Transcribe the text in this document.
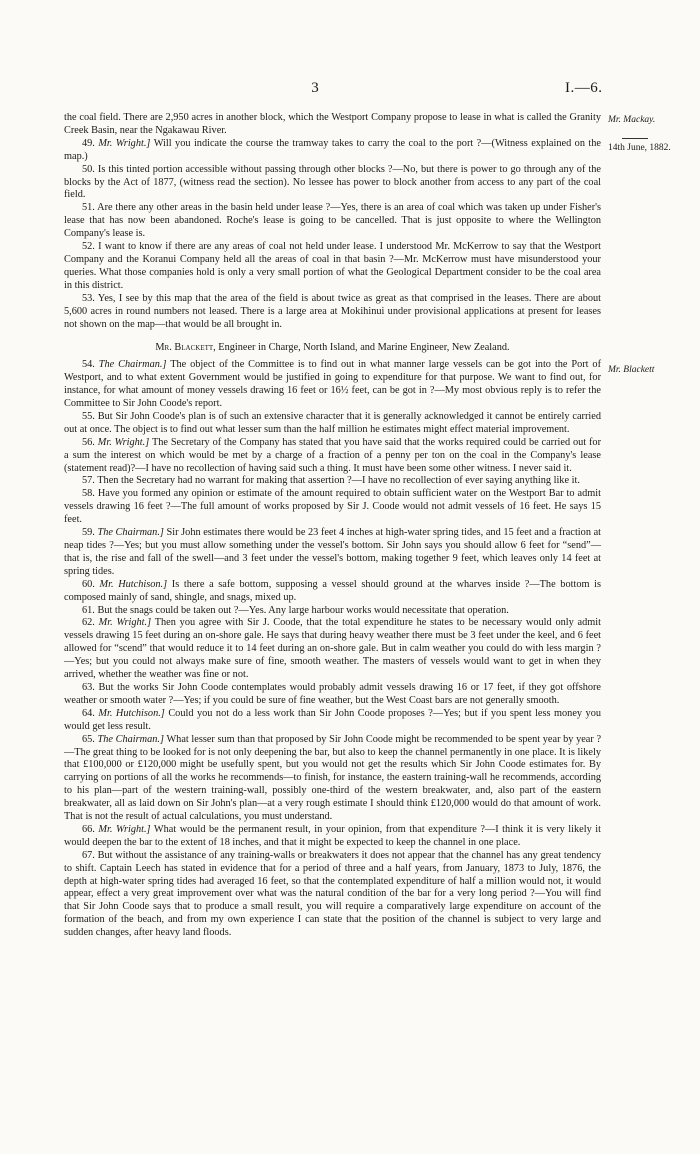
3	I.—6.
Mr. Mackay.
14th June, 1882.
Mr. Blackett

the coal field. There are 2,950 acres in another block, which the Westport Company propose to lease in what is called the Granity Creek Basin, near the Ngakawau River.

49. Mr. Wright.] Will you indicate the course the tramway takes to carry the coal to the port ?—(Witness explained on the map.)

50. Is this tinted portion accessible without passing through other blocks ?—No, but there is power to go through any of the blocks by the Act of 1877, (witness read the section). No lessee has power to block another from access to any part of the coal field.

51. Are there any other areas in the basin held under lease ?—Yes, there is an area of coal which was taken up under Fisher's lease that has now been abandoned. Roche's lease is going to be cancelled. That is just opposite to where the Wellington Company's lease is.

52. I want to know if there are any areas of coal not held under lease. I understood Mr. McKerrow to say that the Westport Company and the Koranui Company held all the areas of coal in that basin ?—Mr. McKerrow must have misunderstood your queries. What those companies hold is only a very small portion of what the Geological Department consider to be the coal area in this district.

53. Yes, I see by this map that the area of the field is about twice as great as that comprised in the leases. There are about 5,600 acres in round numbers not leased. There is a large area at Mokihinui under provisional applications at present for leases not shown on the map—that would be all brought in.

Mr. Blackett, Engineer in Charge, North Island, and Marine Engineer, New Zealand.

54. The Chairman.] The object of the Committee is to find out in what manner large vessels can be got into the Port of Westport, and to what extent Government would be justified in going to expenditure for that purpose. We want to find out, for instance, for what amount of money vessels drawing 16 feet or 16½ feet, can be got in ?—My most obvious reply is to refer the Committee to Sir John Coode's report.

55. But Sir John Coode's plan is of such an extensive character that it is generally acknowledged it cannot be entirely carried out at once. The object is to find out what lesser sum than the half million he estimates might effect material improvement.

56. Mr. Wright.] The Secretary of the Company has stated that you have said that the works required could be carried out for a sum the interest on which would be met by a charge of a fraction of a penny per ton on the coal in the Company's lease (statement read)?—I have no recollection of having said such a thing. It must have been some other witness. I never said it.

57. Then the Secretary had no warrant for making that assertion ?—I have no recollection of ever saying anything like it.

58. Have you formed any opinion or estimate of the amount required to obtain sufficient water on the Westport Bar to admit vessels drawing 16 feet ?—The full amount of works proposed by Sir J. Coode would not admit vessels of 16 feet. He says 15 feet.

59. The Chairman.] Sir John estimates there would be 23 feet 4 inches at high-water spring tides, and 15 feet and a fraction at neap tides ?—Yes; but you must allow something under the vessel's bottom. Sir John says you should allow 6 feet for “send”—that is, the rise and fall of the swell—and 3 feet under the vessel's bottom, making together 9 feet, which leaves only 14 feet at spring tides.

60. Mr. Hutchison.] Is there a safe bottom, supposing a vessel should ground at the wharves inside ?—The bottom is composed mainly of sand, shingle, and snags, mixed up.

61. But the snags could be taken out ?—Yes. Any large harbour works would necessitate that operation.

62. Mr. Wright.] Then you agree with Sir J. Coode, that the total expenditure he states to be necessary would only admit vessels drawing 15 feet during an on-shore gale. He says that during heavy weather there must be 3 feet under the keel, and 6 feet allowed for “scend” that would reduce it to 14 feet during an on-shore gale. But in calm weather you could do with less margin ?—Yes; but you could not always make sure of fine, smooth weather. The masters of vessels would want to get in when they arrived, whether the weather was fine or not.

63. But the works Sir John Coode contemplates would probably admit vessels drawing 16 or 17 feet, if they got offshore weather or smooth water ?—Yes; if you could be sure of fine weather, but the West Coast bars are not generally smooth.

64. Mr. Hutchison.] Could you not do a less work than Sir John Coode proposes ?—Yes; but if you spent less money you would get less result.

65. The Chairman.] What lesser sum than that proposed by Sir John Coode might be recommended to be spent year by year ?—The great thing to be looked for is not only deepening the bar, but also to keep the channel permanently in one place. It is likely that £100,000 or £120,000 might be usefully spent, but you would not get the results which Sir John Coode estimates for. By carrying on portions of all the works he recommends—to finish, for instance, the eastern training-wall he recommends, according to his plan—part of the western training-wall, possibly one-third of the western breakwater, and, also part of the eastern breakwater, all as laid down on Sir John's plan—at a very rough estimate I should think £120,000 would do that amount of work. That is not the result of actual calculations, you must understand.

66. Mr. Wright.] What would be the permanent result, in your opinion, from that expenditure ?—I think it is very likely it would deepen the bar to the extent of 18 inches, and that it might be expected to keep the channel in one place.

67. But without the assistance of any training-walls or breakwaters it does not appear that the channel has any great tendency to shift. Captain Leech has stated in evidence that for a period of three and a half years, from January, 1873 to July, 1876, the depth at high-water spring tides had averaged 16 feet, so that the contemplated expenditure of half a million would not, it would appear, effect a very great improvement over what was the natural condition of the bar for a very long period ?—You will find that Sir John Coode says that to produce a small result, you will require a comparatively large expenditure on account of the formation of the beach, and from my own experience I can state that the position of the channel is subject to very large and sudden changes, after heavy land floods.
